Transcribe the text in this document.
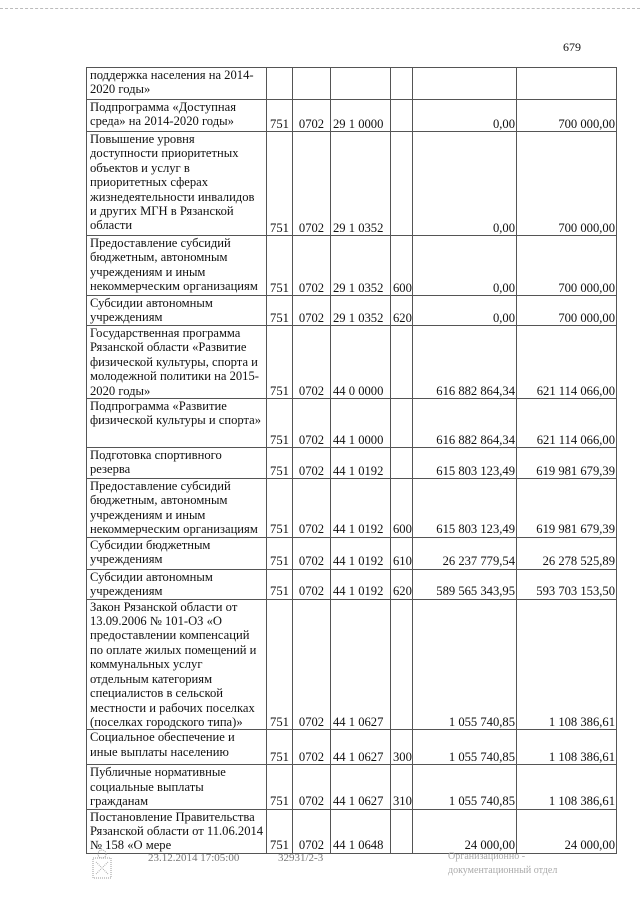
679
поддержка населения на 2014-2020 годы»						
Подпрограмма «Доступная среда» на 2014-2020 годы»	751	0702	29 1 0000		0,00	700 000,00
Повышение уровня доступности приоритетных объектов и услуг в приоритетных сферах жизнедеятельности инвалидов и других МГН в Рязанской области	751	0702	29 1 0352		0,00	700 000,00
Предоставление субсидий бюджетным, автономным учреждениям и иным некоммерческим организациям	751	0702	29 1 0352	600	0,00	700 000,00
Субсидии автономным учреждениям	751	0702	29 1 0352	620	0,00	700 000,00
Государственная программа Рязанской области «Развитие физической культуры, спорта и молодежной политики на 2015-2020 годы»	751	0702	44 0 0000		616 882 864,34	621 114 066,00
Подпрограмма «Развитие физической культуры и спорта»	751	0702	44 1 0000		616 882 864,34	621 114 066,00
Подготовка спортивного резерва	751	0702	44 1 0192		615 803 123,49	619 981 679,39
Предоставление субсидий бюджетным, автономным учреждениям и иным некоммерческим организациям	751	0702	44 1 0192	600	615 803 123,49	619 981 679,39
Субсидии бюджетным учреждениям	751	0702	44 1 0192	610	26 237 779,54	26 278 525,89
Субсидии автономным учреждениям	751	0702	44 1 0192	620	589 565 343,95	593 703 153,50
Закон Рязанской области от 13.09.2006 № 101-ОЗ «О предоставлении компенсаций по оплате жилых помещений и коммунальных услуг отдельным категориям специалистов в сельской местности и рабочих поселках (поселках городского типа)»	751	0702	44 1 0627		1 055 740,85	1 108 386,61
Социальное обеспечение и иные выплаты населению	751	0702	44 1 0627	300	1 055 740,85	1 108 386,61
Публичные нормативные социальные выплаты гражданам	751	0702	44 1 0627	310	1 055 740,85	1 108 386,61
Постановление Правительства Рязанской области от 11.06.2014 № 158 «О мере	751	0702	44 1 0648		24 000,00	24 000,00
23.12.2014 17:05:00	32931/2-3	Организационно - документационный отдел
